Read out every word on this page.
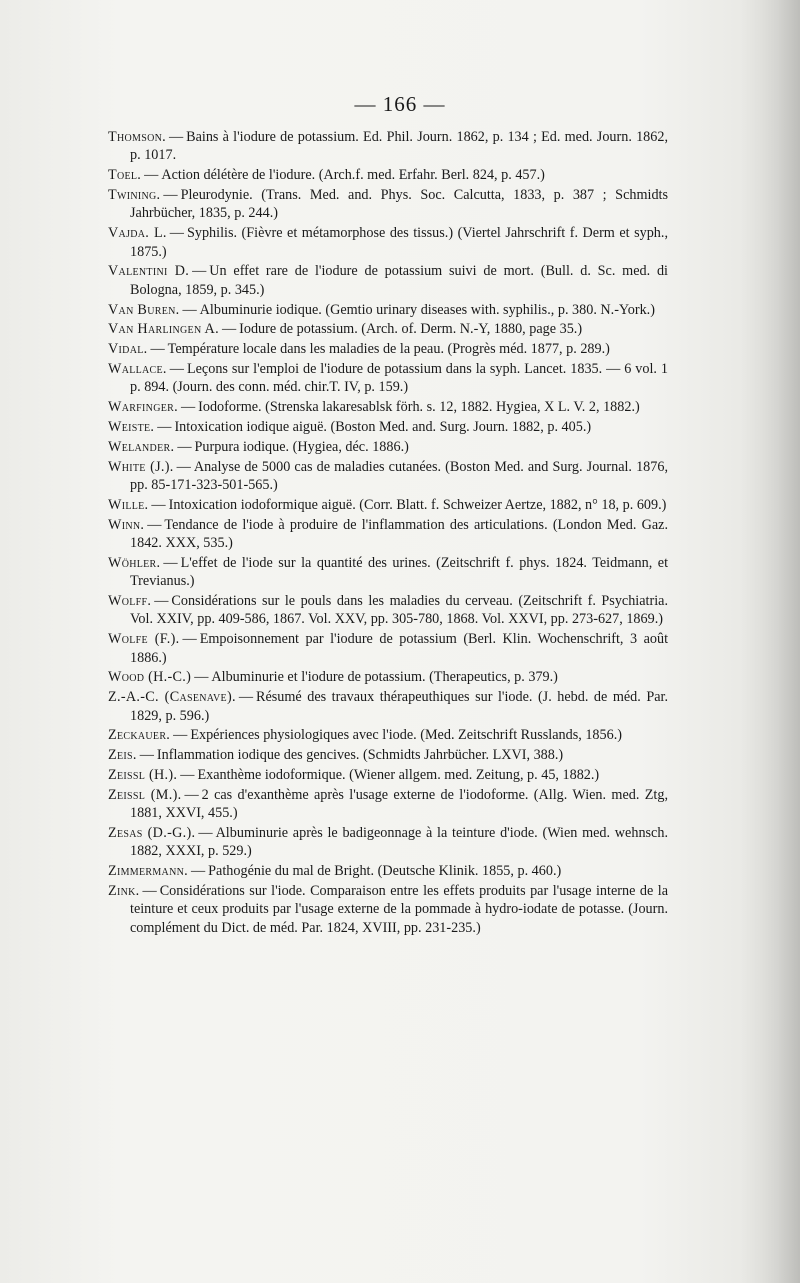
— 166 —

Thomson. — Bains à l'iodure de potassium. Ed. Phil. Journ. 1862, p. 134 ; Ed. med. Journ. 1862, p. 1017.

Toel. — Action délétère de l'iodure. (Arch.f. med. Erfahr. Berl. 824, p. 457.)

Twining. — Pleurodynie. (Trans. Med. and. Phys. Soc. Calcutta, 1833, p. 387 ; Schmidts Jahrbücher, 1835, p. 244.)

Vajda. L. — Syphilis. (Fièvre et métamorphose des tissus.) (Viertel Jahrschrift f. Derm et syph., 1875.)

Valentini D. — Un effet rare de l'iodure de potassium suivi de mort. (Bull. d. Sc. med. di Bologna, 1859, p. 345.)

Van Buren. — Albuminurie iodique. (Gemtio urinary diseases with. syphilis., p. 380. N.-York.)

Van Harlingen A. — Iodure de potassium. (Arch. of. Derm. N.-Y, 1880, page 35.)

Vidal. — Température locale dans les maladies de la peau. (Progrès méd. 1877, p. 289.)

Wallace. — Leçons sur l'emploi de l'iodure de potassium dans la syph. Lancet. 1835. — 6 vol. 1 p. 894. (Journ. des conn. méd. chir.T. IV, p. 159.)

Warfinger. — Iodoforme. (Strenska lakaresablsk förh. s. 12, 1882. Hygiea, X L. V. 2, 1882.)

Weiste. — Intoxication iodique aiguë. (Boston Med. and. Surg. Journ. 1882, p. 405.)

Welander. — Purpura iodique. (Hygiea, déc. 1886.)

White (J.). — Analyse de 5000 cas de maladies cutanées. (Boston Med. and Surg. Journal. 1876, pp. 85-171-323-501-565.)

Wille. — Intoxication iodoformique aiguë. (Corr. Blatt. f. Schweizer Aertze, 1882, n° 18, p. 609.)

Winn. — Tendance de l'iode à produire de l'inflammation des articulations. (London Med. Gaz. 1842. XXX, 535.)

Wöhler. — L'effet de l'iode sur la quantité des urines. (Zeitschrift f. phys. 1824. Teidmann, et Trevianus.)

Wolff. — Considérations sur le pouls dans les maladies du cerveau. (Zeitschrift f. Psychiatria. Vol. XXIV, pp. 409-586, 1867. Vol. XXV, pp. 305-780, 1868. Vol. XXVI, pp. 273-627, 1869.)

Wolfe (F.). — Empoisonnement par l'iodure de potassium (Berl. Klin. Wochenschrift, 3 août 1886.)

Wood (H.-C.) — Albuminurie et l'iodure de potassium. (Therapeutics, p. 379.)

Z.-A.-C. (Casenave). — Résumé des travaux thérapeuthiques sur l'iode. (J. hebd. de méd. Par. 1829, p. 596.)

Zeckauer. — Expériences physiologiques avec l'iode. (Med. Zeitschrift Russlands, 1856.)

Zeis. — Inflammation iodique des gencives. (Schmidts Jahrbücher. LXVI, 388.)

Zeissl (H.). — Exanthème iodoformique. (Wiener allgem. med. Zeitung, p. 45, 1882.)

Zeissl (M.). — 2 cas d'exanthème après l'usage externe de l'iodoforme. (Allg. Wien. med. Ztg, 1881, XXVI, 455.)

Zesas (D.-G.). — Albuminurie après le badigeonnage à la teinture d'iode. (Wien med. wehnsch. 1882, XXXI, p. 529.)

Zimmermann. — Pathogénie du mal de Bright. (Deutsche Klinik. 1855, p. 460.)

Zink. — Considérations sur l'iode. Comparaison entre les effets produits par l'usage interne de la teinture et ceux produits par l'usage externe de la pommade à hydro-iodate de potasse. (Journ. complément du Dict. de méd. Par. 1824, XVIII, pp. 231-235.)
